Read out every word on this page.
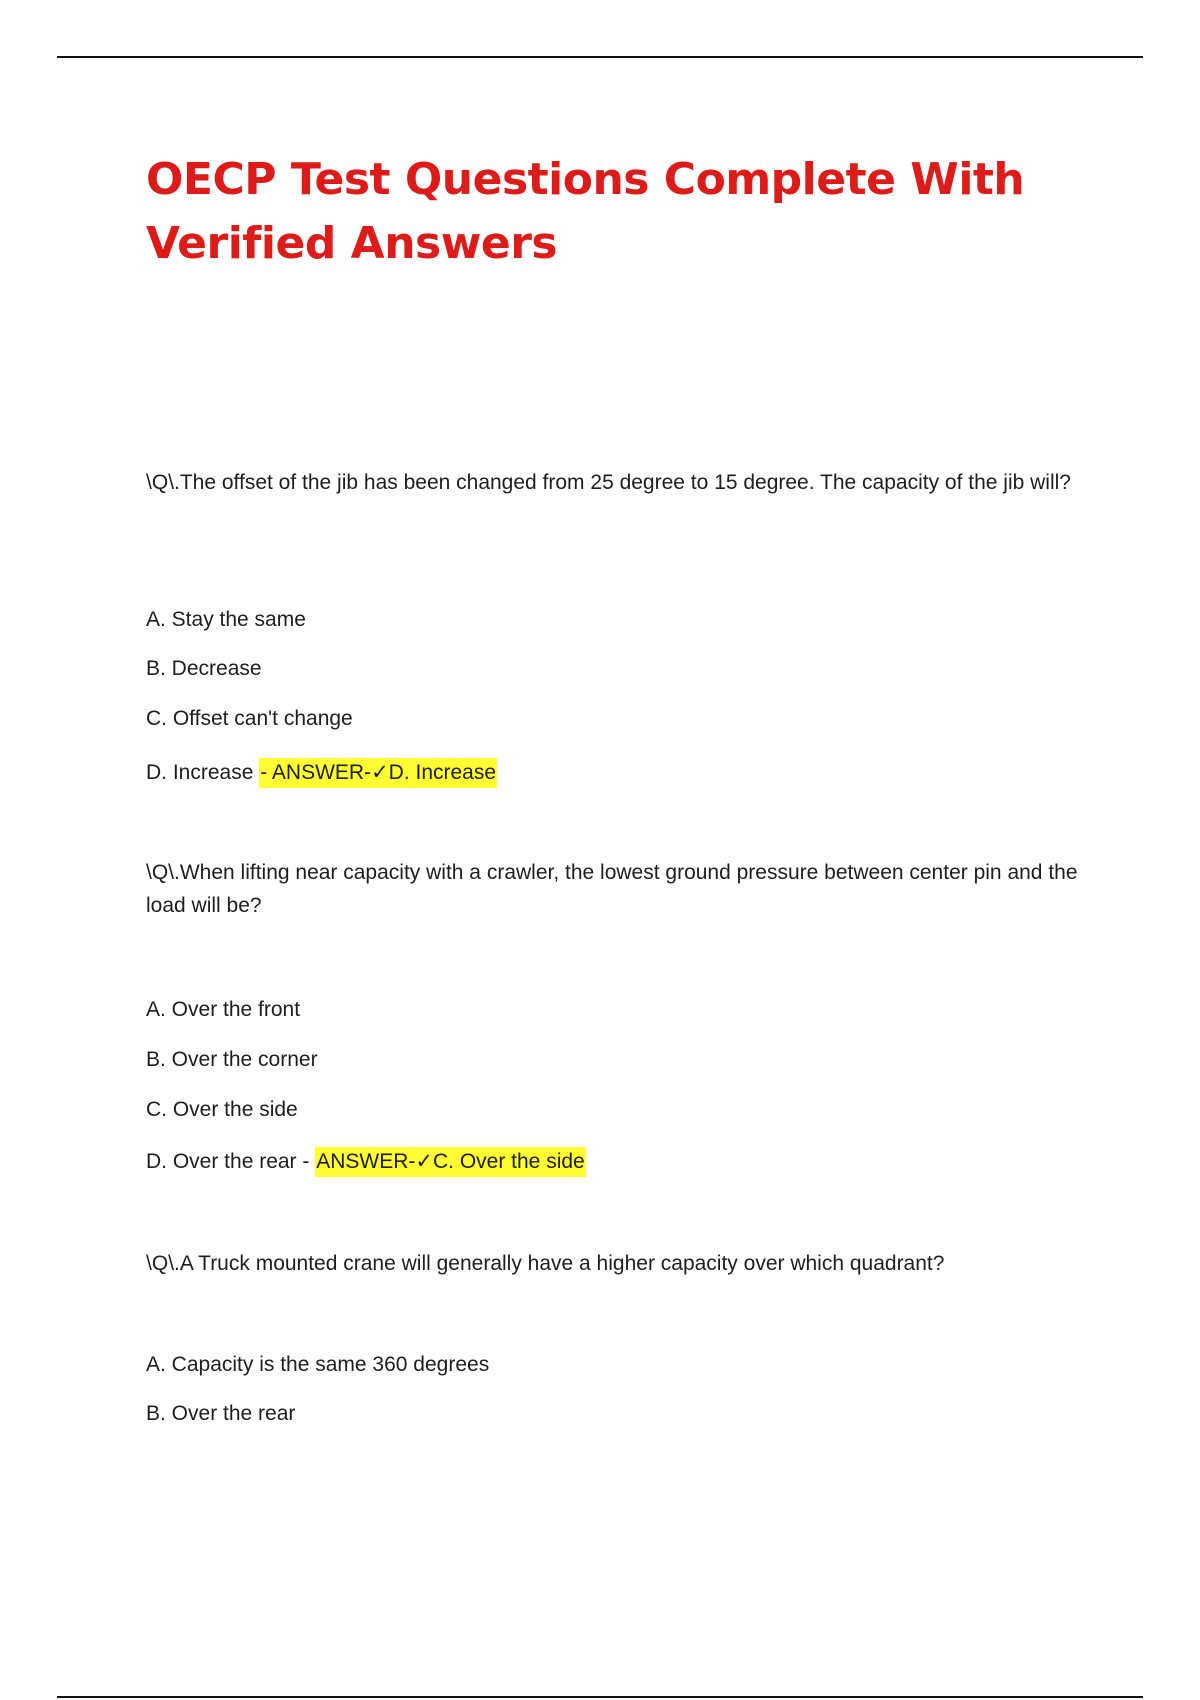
OECP Test Questions Complete With Verified Answers
\Q\.The offset of the jib has been changed from 25 degree to 15 degree. The capacity of the jib will?
A. Stay the same
B. Decrease
C. Offset can't change
D. Increase - ANSWER-✓D. Increase
\Q\.When lifting near capacity with a crawler, the lowest ground pressure between center pin and the load will be?
A. Over the front
B. Over the corner
C. Over the side
D. Over the rear - ANSWER-✓C. Over the side
\Q\.A Truck mounted crane will generally have a higher capacity over which quadrant?
A. Capacity is the same 360 degrees
B. Over the rear
